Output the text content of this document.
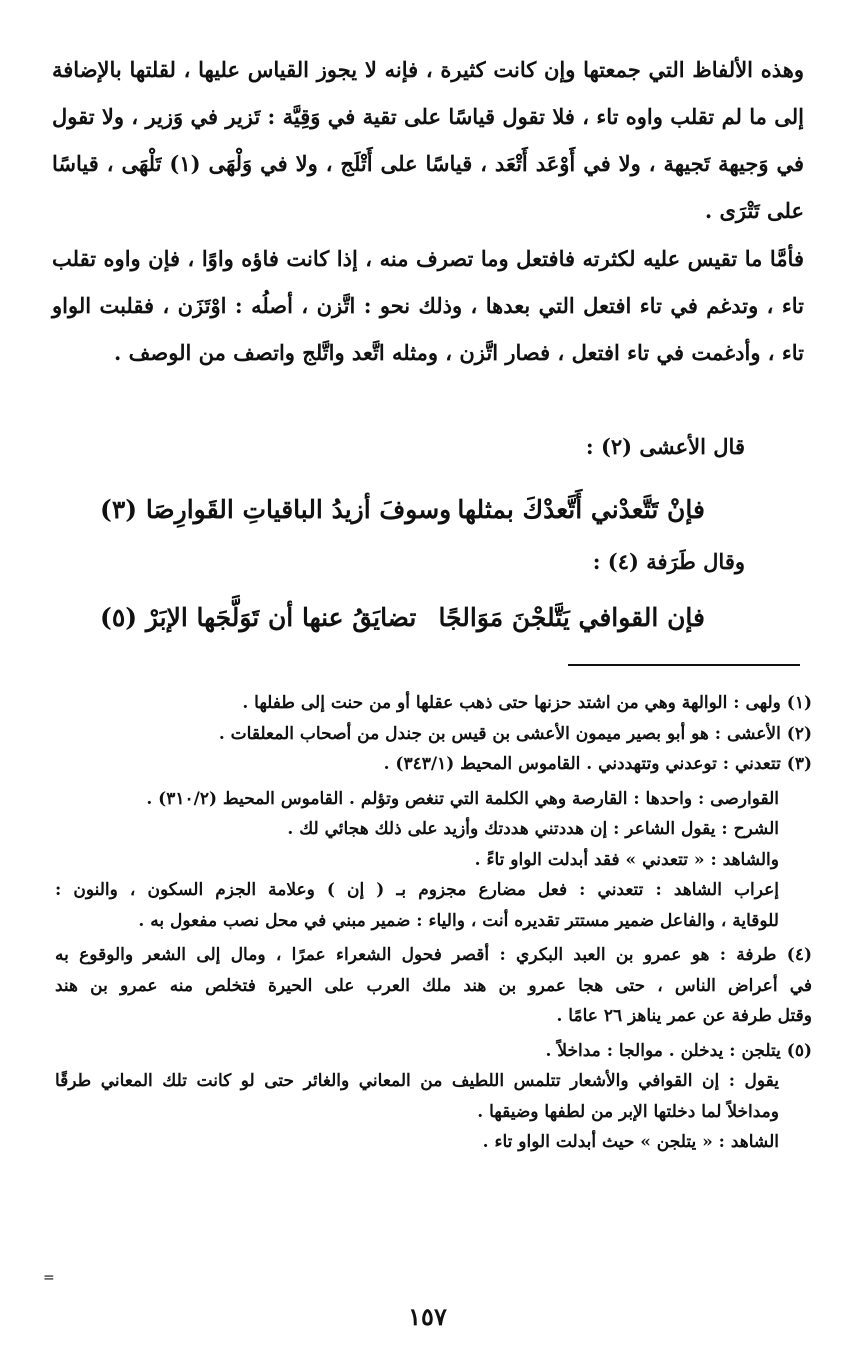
وهذه الألفاظ التي جمعتها وإن كانت كثيرة ، فإنه لا يجوز القياس عليها ، لقلتها بالإضافة إلى ما لم تقلب واوه تاء ، فلا تقول قياسًا على تقية في وَقِيَّة : تَزير في وَزير ، ولا تقول في وَجيهة تَجيهة ، ولا في أَوْعَد أَتْعَد ، قياسًا على أَتْلَج ، ولا في وَلْهَى (١) تَلْهَى ، قياسًا على تَتْرَى .
فأمَّا ما تقيس عليه لكثرته فافتعل وما تصرف منه ، إذا كانت فاؤه واوًا ، فإن واوه تقلب تاء ، وتدغم في تاء افتعل التي بعدها ، وذلك نحو : اتَّزن ، أصلُه : اوْتَزَن ، فقلبت الواو تاء ، وأدغمت في تاء افتعل ، فصار اتَّزن ، ومثله اتَّعد واتَّلج واتصف من الوصف .
قال الأعشى (٢) :
فإنْ تَتَّعدْني أَتَّعدْكَ بمثلها
وسوفَ أزيدُ الباقياتِ القَوارِصَا (٣)
وقال طَرَفة (٤) :
فإن القوافي يَتَّلجْنَ مَوَالجًا
تضايَقُ عنها أن تَوَلَّجَها الإبَرْ (٥)
(١) ولهى : الوالهة وهي من اشتد حزنها حتى ذهب عقلها أو من حنت إلى طفلها .
(٢) الأعشى : هو أبو بصير ميمون الأعشى بن قيس بن جندل من أصحاب المعلقات .
(٣) تتعدني : توعدني وتتهددني . القاموس المحيط (٣٤٣/١) .
القوارصى : واحدها : القارصة وهي الكلمة التي تنغص وتؤلم . القاموس المحيط (٣١٠/٢) .
الشرح : يقول الشاعر : إن هددتني هددتك وأزيد على ذلك هجائي لك .
والشاهد : « تتعدني » فقد أبدلت الواو تاءً .
إعراب الشاهد : تتعدني : فعل مضارع مجزوم بـ ( إن ) وعلامة الجزم السكون ، والنون :
للوقاية ، والفاعل ضمير مستتر تقديره أنت ، والياء : ضمير مبني في محل نصب مفعول به .
(٤) طرفة : هو عمرو بن العبد البكري : أقصر فحول الشعراء عمرًا ، ومال إلى الشعر والوقوع به
في أعراض الناس ، حتى هجا عمرو بن هند ملك العرب على الحيرة فتخلص منه عمرو بن هند
وقتل طرفة عن عمر يناهز ٢٦ عامًا .
(٥) يتلجن : يدخلن . موالجا : مداخلاً .
يقول : إن القوافي والأشعار تتلمس اللطيف من المعاني والغائر حتى لو كانت تلك المعاني طرقًا
ومداخلاً لما دخلتها الإبر من لطفها وضيقها .
الشاهد : « يتلجن » حيث أبدلت الواو تاء .
=
١٥٧
